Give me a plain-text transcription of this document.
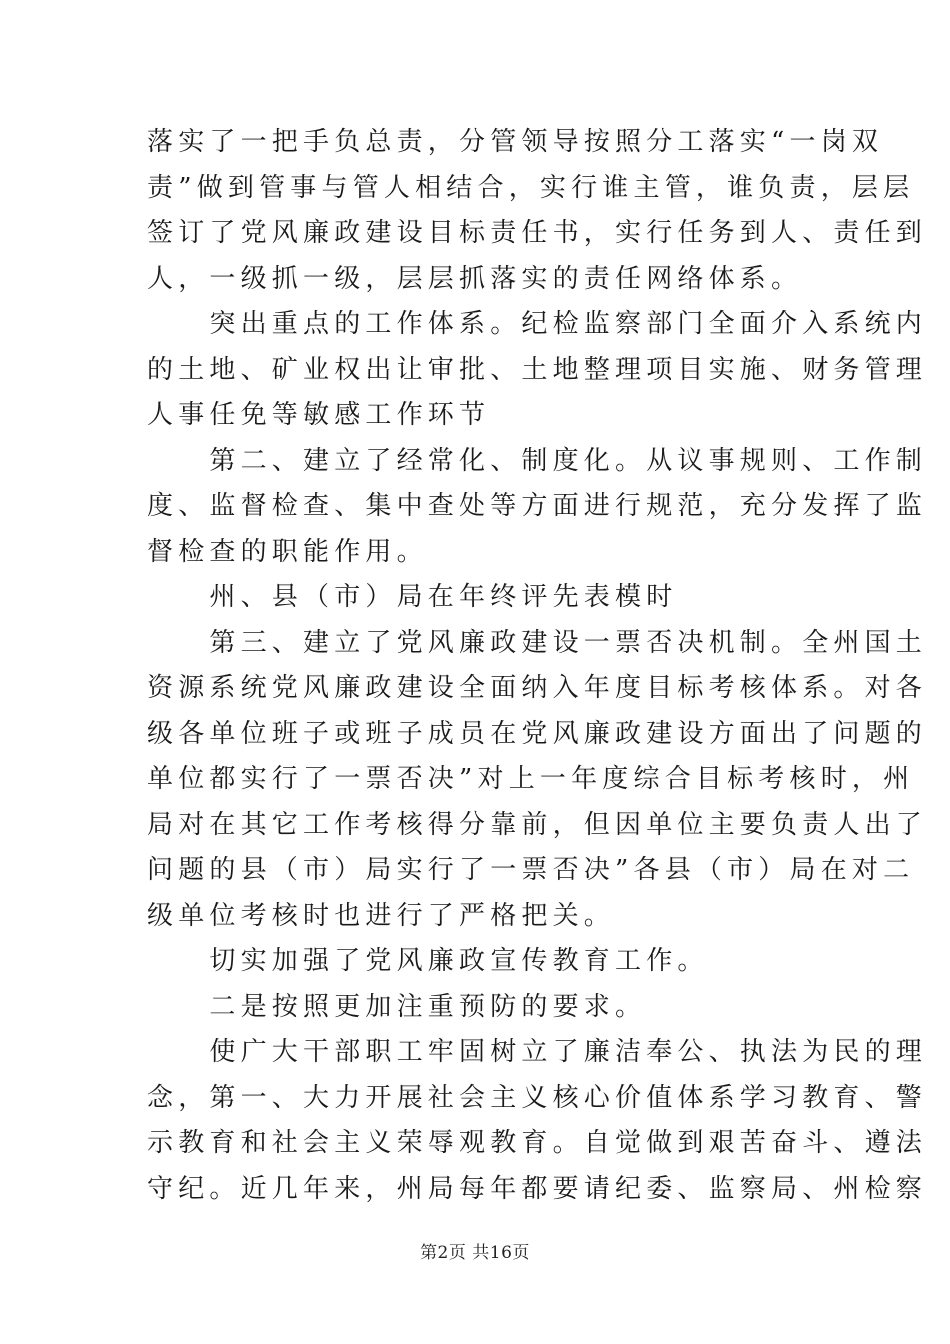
落实了一把手负总责，分管领导按照分工落实“一岗双
责”做到管事与管人相结合，实行谁主管，谁负责，层层
签订了党风廉政建设目标责任书，实行任务到人、责任到
人，一级抓一级，层层抓落实的责任网络体系。
　　突出重点的工作体系。纪检监察部门全面介入系统内
的土地、矿业权出让审批、土地整理项目实施、财务管理
人事任免等敏感工作环节
　　第二、建立了经常化、制度化。从议事规则、工作制
度、监督检查、集中查处等方面进行规范，充分发挥了监
督检查的职能作用。
　　州、县（市）局在年终评先表模时
　　第三、建立了党风廉政建设一票否决机制。全州国土
资源系统党风廉政建设全面纳入年度目标考核体系。对各
级各单位班子或班子成员在党风廉政建设方面出了问题的
单位都实行了一票否决”对上一年度综合目标考核时，州
局对在其它工作考核得分靠前，但因单位主要负责人出了
问题的县（市）局实行了一票否决”各县（市）局在对二
级单位考核时也进行了严格把关。
　　切实加强了党风廉政宣传教育工作。
　　二是按照更加注重预防的要求。
　　使广大干部职工牢固树立了廉洁奉公、执法为民的理
念，第一、大力开展社会主义核心价值体系学习教育、警
示教育和社会主义荣辱观教育。自觉做到艰苦奋斗、遵法
守纪。近几年来，州局每年都要请纪委、监察局、州检察
第2页 共16页
